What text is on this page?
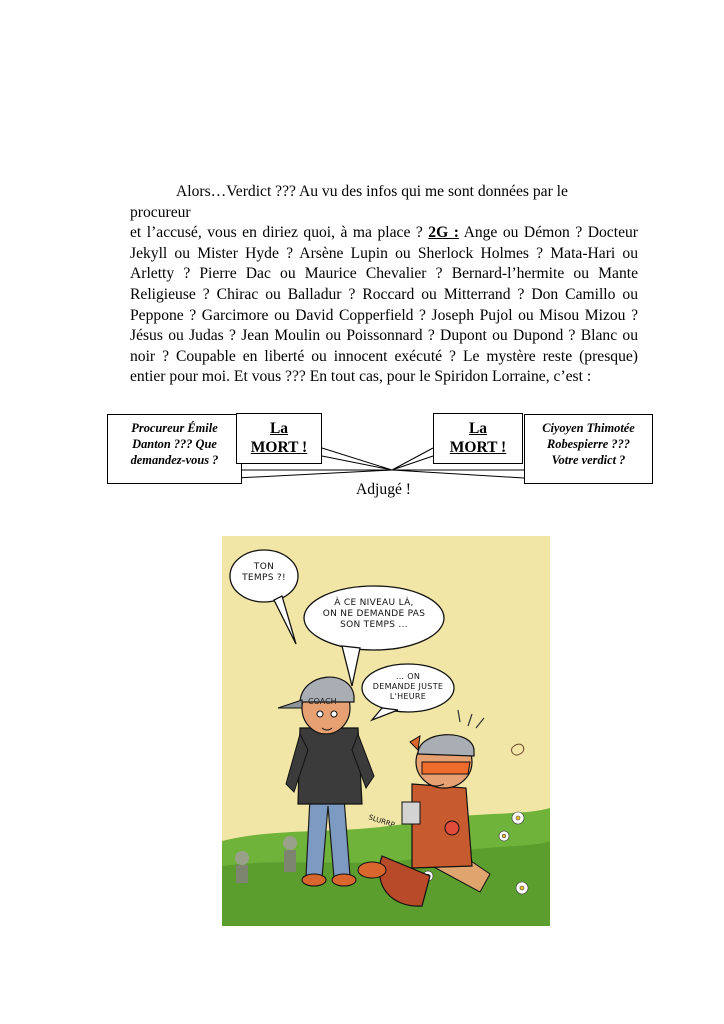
Alors…Verdict ??? Au vu des infos qui me sont données par le
procureur
et l’accusé, vous en diriez quoi, à ma place ? 2G : Ange ou Démon ? Docteur Jekyll ou Mister Hyde ? Arsène Lupin ou Sherlock Holmes ? Mata-Hari ou Arletty ? Pierre Dac ou Maurice Chevalier ? Bernard-l’hermite ou Mante Religieuse ? Chirac ou Balladur ? Roccard ou Mitterrand ? Don Camillo ou Peppone ? Garcimore ou David Copperfield ? Joseph Pujol ou Misou Mizou ? Jésus ou Judas ? Jean Moulin ou Poissonnard ? Dupont ou Dupond ? Blanc ou noir ? Coupable en liberté ou innocent exécuté ? Le mystère reste (presque) entier pour moi. Et vous ??? En tout cas, pour le Spiridon Lorraine, c’est :
Procureur Émile
Danton ??? Que
demandez-vous ?
La
MORT !
La
MORT !
Ciyoyen Thimotée
Robespierre ???
Votre verdict ?
Adjugé !
SLURRP
COACH
TON
TEMPS ?!
À CE NIVEAU LÀ,
ON NE DEMANDE PAS
SON TEMPS ...
... ON
DEMANDE JUSTE
L'HEURE
